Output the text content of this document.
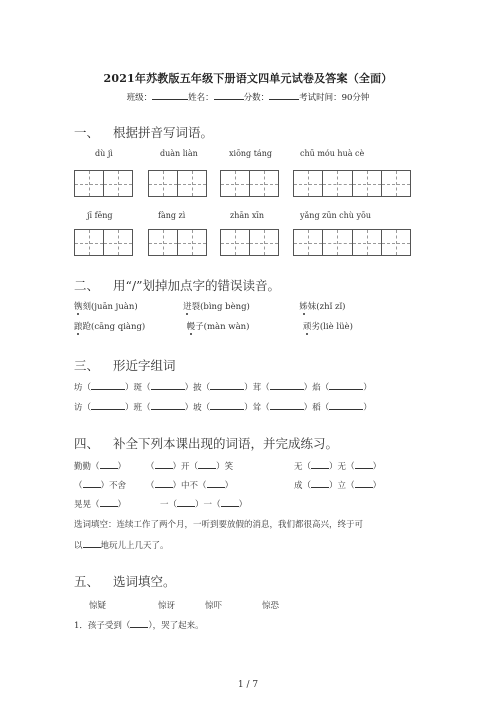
2021年苏教版五年级下册语文四单元试卷及答案（全面）
班级：	姓名：	分数：	考试时间：90分钟
一、 根据拼音写词语。
dù jì	duàn liàn	xiōng táng	chū móu huà cè
jī fēng	fàng zì	zhān xīn	yǎng zūn chù yōu
二、 用“/”划掉加点字的错误读音。
镌刻(juān juàn)	迸裂(bìng bèng)	姊妹(zhǐ zǐ)
踉跄(cāng qiàng)	幔子(màn wàn)	顽劣(liè lüè)
三、 形近字组词
坊（	）斑（	）披（	）茸（	）焰（	）
访（	）班（	）坡（	）耸（	）稻（	）
四、 补全下列本课出现的词语，并完成练习。
勤勤（ ） （ ）开（ ）笑	无（ ）无（ ）
（ ）不舍 （ ）中不（ ）	成（ ）立（ ）
晃晃（ ）	一（ ）一（ ）
选词填空：连续工作了两个月，一听到要放假的消息，我们都很高兴，终于可
以 地玩儿上几天了。
五、 选词填空。
惊疑	惊讶	惊吓	惊恐
1．孩子受到（ ），哭了起来。
1 / 7
